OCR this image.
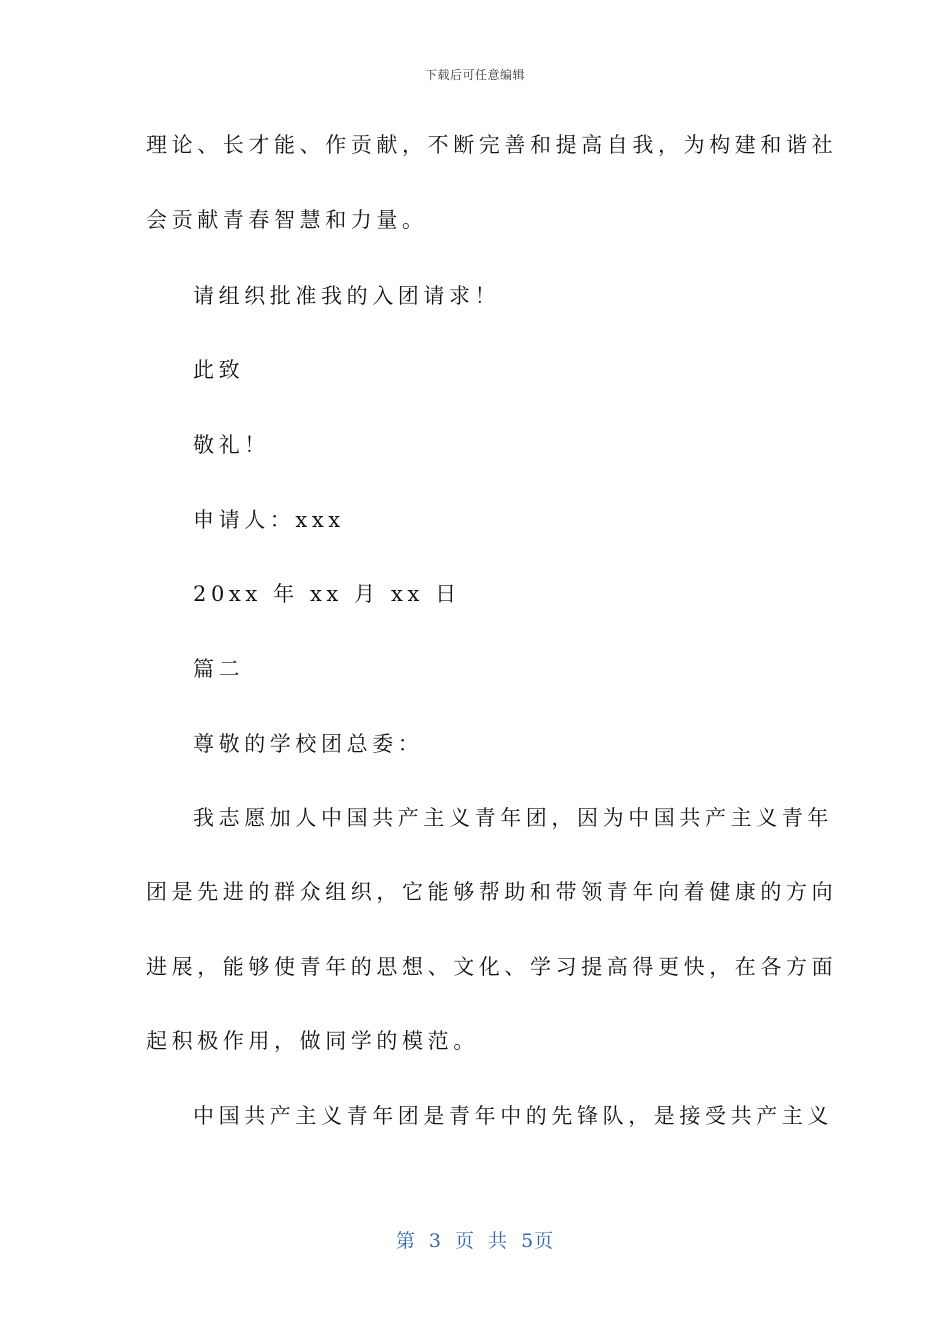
下载后可任意编辑
理论、长才能、作贡献，不断完善和提高自我，为构建和谐社
会贡献青春智慧和力量。
请组织批准我的入团请求！
此致
敬礼！
申请人：xxx
20xx 年 xx 月 xx 日
篇二
尊敬的学校团总委：
我志愿加人中国共产主义青年团，因为中国共产主义青年
团是先进的群众组织，它能够帮助和带领青年向着健康的方向
进展，能够使青年的思想、文化、学习提高得更快，在各方面
起积极作用，做同学的模范。
中国共产主义青年团是青年中的先锋队，是接受共产主义
第 3 页 共 5页
